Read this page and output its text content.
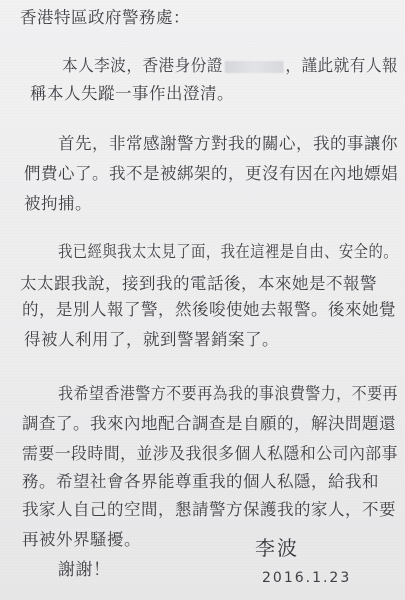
香港特區政府警務處：
本人李波，香港身份證	，謹此就有人報
稱本人失蹤一事作出澄清。
首先，非常感謝警方對我的關心，我的事讓你
們費心了。我不是被綁架的，更沒有因在內地嫖娼
被拘捕。
我已經與我太太見了面，我在這裡是自由、安全的。
太太跟我說，接到我的電話後，本來她是不報警
的，是別人報了警，然後唆使她去報警。後來她覺
得被人利用了，就到警署銷案了。
我希望香港警方不要再為我的事浪費警力，不要再
調查了。我來內地配合調查是自願的，解決問題還
需要一段時間，並涉及我很多個人私隱和公司內部事
務。希望社會各界能尊重我的個人私隱，給我和
我家人自己的空間，懇請警方保護我的家人，不要
再被外界騷擾。
謝謝！
李波
2016.1.23
